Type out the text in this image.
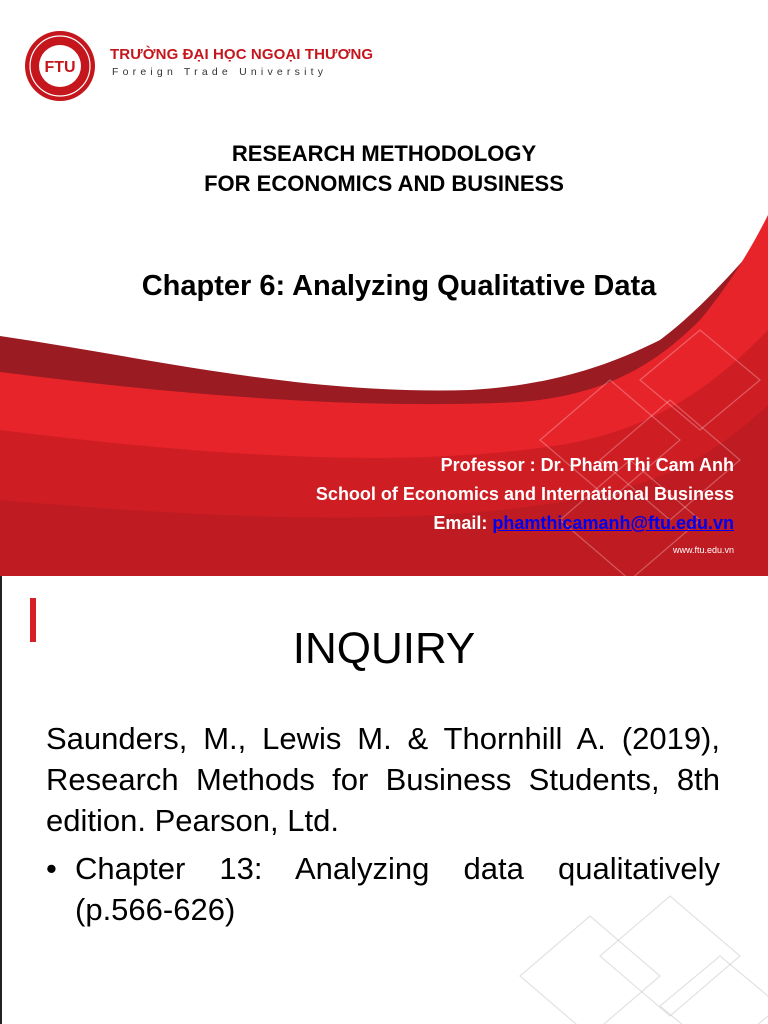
FTU

TRƯỜNG ĐẠI HỌC NGOẠI THƯƠNG

Foreign Trade University

RESEARCH METHODOLOGY
FOR ECONOMICS AND BUSINESS
Chapter 6: Analyzing Qualitative Data
Professor : Dr. Pham Thi Cam Anh
School of Economics and International Business
Email: phamthicamanh@ftu.edu.vn
www.ftu.edu.vn
INQUIRY

Saunders, M., Lewis M. & Thornhill A. (2019), Research Methods for Business Students, 8th edition. Pearson, Ltd.

• Chapter 13: Analyzing data qualitatively (p.566-626)
